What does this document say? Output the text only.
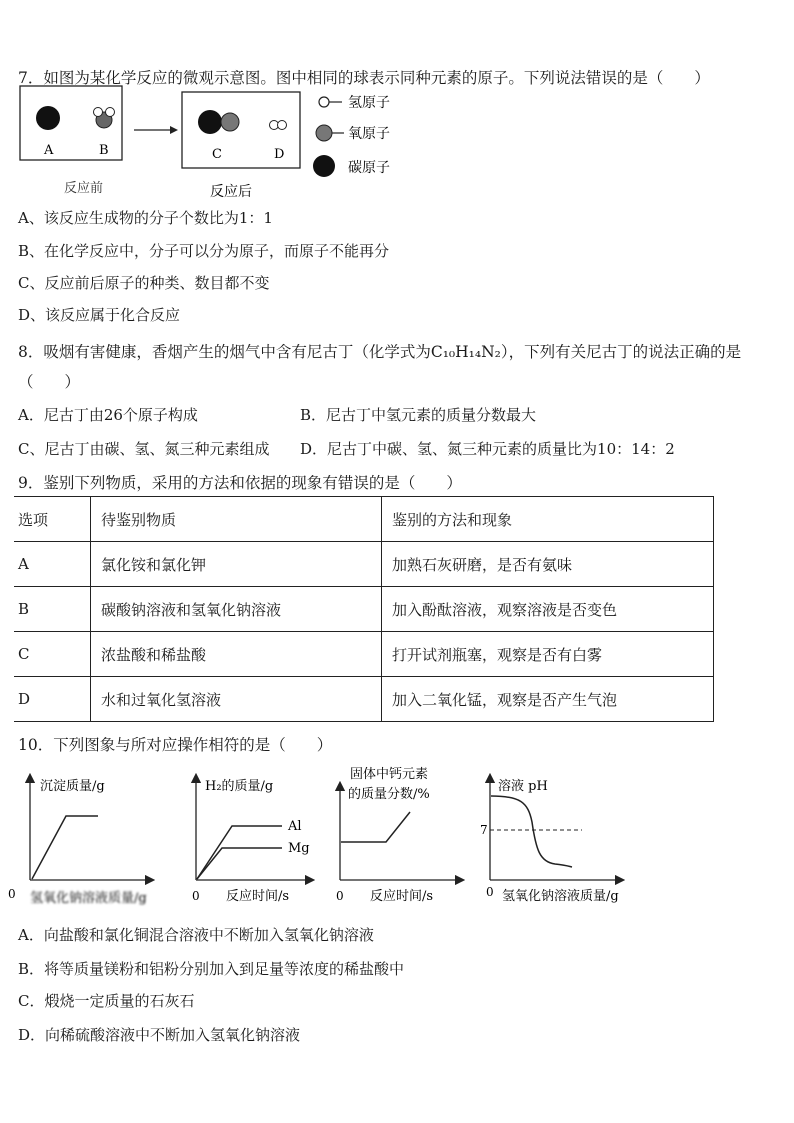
7．如图为某化学反应的微观示意图。图中相同的球表示同种元素的原子。下列说法错误的是（　　）
A	B	C	D
反应前	反应后
氢原子
氧原子
碳原子
A、该反应生成物的分子个数比为1：1
B、在化学反应中，分子可以分为原子，而原子不能再分
C、反应前后原子的种类、数目都不变
D、该反应属于化合反应
8．吸烟有害健康，香烟产生的烟气中含有尼古丁（化学式为C₁₀H₁₄N₂），下列有关尼古丁的说法正确的是
（　　）
A．尼古丁由26个原子构成	B．尼古丁中氢元素的质量分数最大
C、尼古丁由碳、氢、氮三种元素组成 D．尼古丁中碳、氢、氮三种元素的质量比为10：14：2
9．鉴别下列物质，采用的方法和依据的现象有错误的是（　　）
选项	待鉴别物质	鉴别的方法和现象
A	氯化铵和氯化钾	加熟石灰研磨，是否有氨味
B	碳酸钠溶液和氢氧化钠溶液	加入酚酞溶液，观察溶液是否变色
C	浓盐酸和稀盐酸	打开试剂瓶塞，观察是否有白雾
D	水和过氧化氢溶液	加入二氧化锰，观察是否产生气泡
10．下列图象与所对应操作相符的是（　　）
沉淀质量/g
0 氢氧化钠溶液质量/g
H₂的质量/g
Al
Mg
0 反应时间/s
固体中钙元素
的质量分数/%
0 反应时间/s
溶液 pH
7
0 氢氧化钠溶液质量/g
A．向盐酸和氯化铜混合溶液中不断加入氢氧化钠溶液
B．将等质量镁粉和铝粉分别加入到足量等浓度的稀盐酸中
C．煅烧一定质量的石灰石
D．向稀硫酸溶液中不断加入氢氧化钠溶液
